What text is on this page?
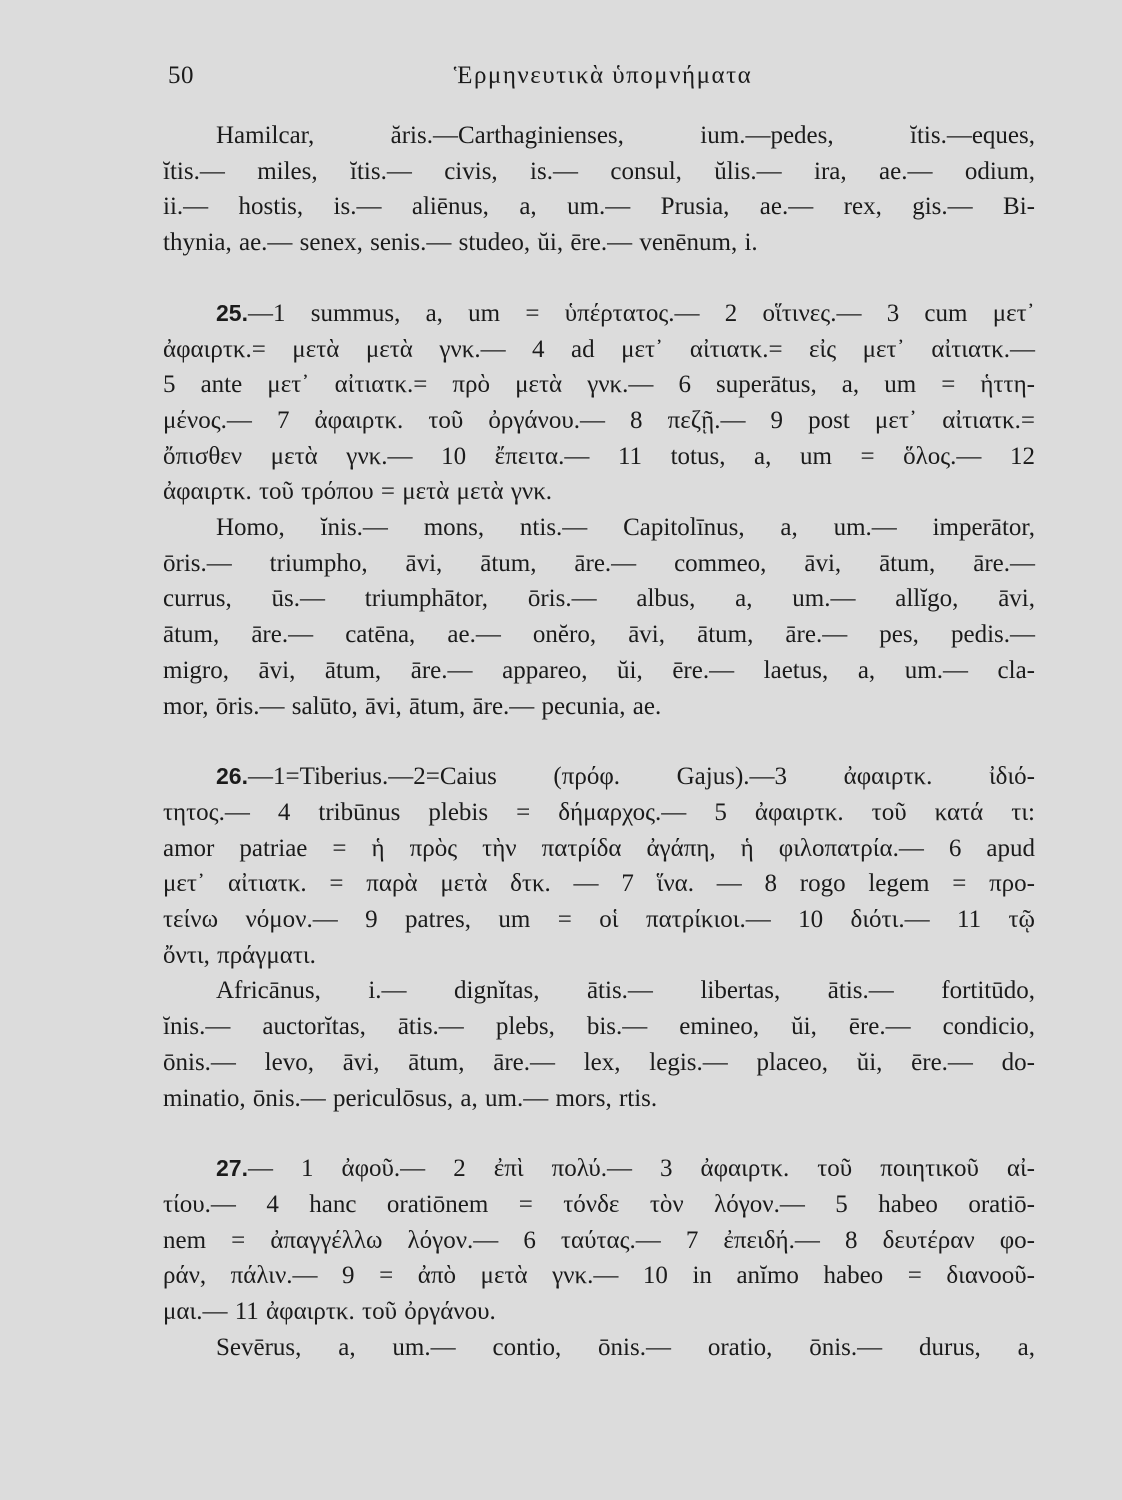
50	Ἑρμηνευτικὰ ὑπομνήματα
Hamilcar, ăris.—Carthaginienses, ium.—pedes, ĭtis.—eques,
ĭtis.— miles, ĭtis.— civis, is.— consul, ŭlis.— ira, ae.— odium,
ii.— hostis, is.— aliēnus, a, um.— Prusia, ae.— rex, gis.— Bi-
thynia, ae.— senex, senis.— studeo, ŭi, ēre.— venēnum, i.
25.—1 summus, a, um = ὑπέρτατος.— 2 οἵτινες.— 3 cum μετ᾽
ἀφαιρτκ.= μετὰ μετὰ γνκ.— 4 ad μετ᾽ αἰτιατκ.= εἰς μετ᾽ αἰτιατκ.—
5 ante μετ᾽ αἰτιατκ.= πρὸ μετὰ γνκ.— 6 superātus, a, um = ἡττη-
μένος.— 7 ἀφαιρτκ. τοῦ ὀργάνου.— 8 πεζῇ.— 9 post μετ᾽ αἰτιατκ.=
ὄπισθεν μετὰ γνκ.— 10 ἔπειτα.— 11 totus, a, um = ὅλος.— 12
ἀφαιρτκ. τοῦ τρόπου = μετὰ μετὰ γνκ.
Homo, ĭnis.— mons, ntis.— Capitolīnus, a, um.— imperātor,
ōris.— triumpho, āvi, ātum, āre.— commeo, āvi, ātum, āre.—
currus, ūs.— triumphātor, ōris.— albus, a, um.— allĭgo, āvi,
ātum, āre.— catēna, ae.— onĕro, āvi, ātum, āre.— pes, pedis.—
migro, āvi, ātum, āre.— appareo, ŭi, ēre.— laetus, a, um.— cla-
mor, ōris.— salūto, āvi, ātum, āre.— pecunia, ae.
26.—1=Tiberius.—2=Caius (πρόφ. Gajus).—3 ἀφαιρτκ. ἰδιό-
τητος.— 4 tribūnus plebis = δήμαρχος.— 5 ἀφαιρτκ. τοῦ κατά τι:
amor patriae = ἡ πρὸς τὴν πατρίδα ἀγάπη, ἡ φιλοπατρία.— 6 apud
μετ᾽ αἰτιατκ. = παρὰ μετὰ δτκ. — 7 ἵνα. — 8 rogo legem = προ-
τείνω νόμον.— 9 patres, um = οἱ πατρίκιοι.— 10 διότι.— 11 τῷ
ὄντι, πράγματι.
Africānus, i.— dignĭtas, ātis.— libertas, ātis.— fortitūdo,
ĭnis.— auctorĭtas, ātis.— plebs, bis.— emineo, ŭi, ēre.— condicio,
ōnis.— levo, āvi, ātum, āre.— lex, legis.— placeo, ŭi, ēre.— do-
minatio, ōnis.— periculōsus, a, um.— mors, rtis.
27.— 1 ἀφοῦ.— 2 ἐπὶ πολύ.— 3 ἀφαιρτκ. τοῦ ποιητικοῦ αἰ-
τίου.— 4 hanc oratiōnem = τόνδε τὸν λόγον.— 5 habeo oratiō-
nem = ἀπαγγέλλω λόγον.— 6 ταύτας.— 7 ἐπειδή.— 8 δευτέραν φο-
ράν, πάλιν.— 9 = ἀπὸ μετὰ γνκ.— 10 in anĭmo habeo = διανοοῦ-
μαι.— 11 ἀφαιρτκ. τοῦ ὀργάνου.
Sevērus, a, um.— contio, ōnis.— oratio, ōnis.— durus, a,
